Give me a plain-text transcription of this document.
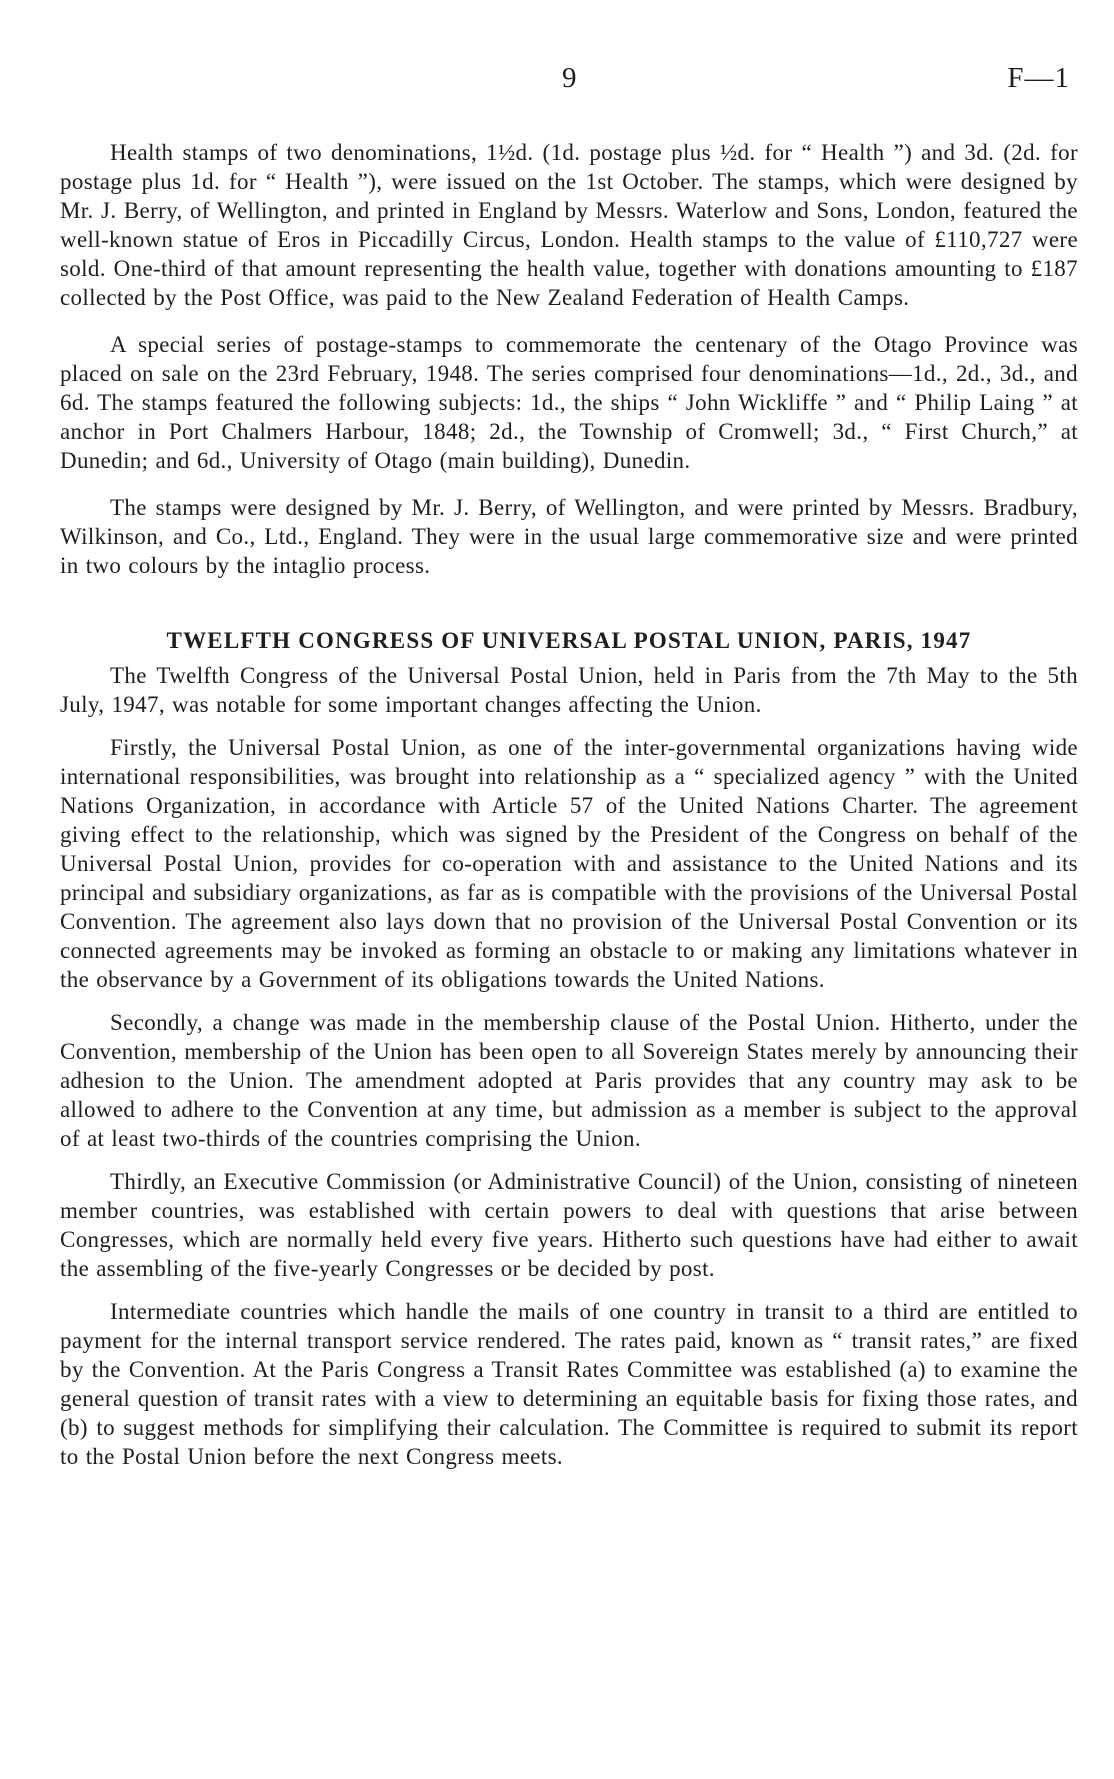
9	F—1

Health stamps of two denominations, 1½d. (1d. postage plus ½d. for “ Health ”) and 3d. (2d. for postage plus 1d. for “ Health ”), were issued on the 1st October. The stamps, which were designed by Mr. J. Berry, of Wellington, and printed in England by Messrs. Waterlow and Sons, London, featured the well-known statue of Eros in Piccadilly Circus, London. Health stamps to the value of £110,727 were sold. One-third of that amount representing the health value, together with donations amounting to £187 collected by the Post Office, was paid to the New Zealand Federation of Health Camps.

A special series of postage-stamps to commemorate the centenary of the Otago Province was placed on sale on the 23rd February, 1948. The series comprised four denominations—1d., 2d., 3d., and 6d. The stamps featured the following subjects: 1d., the ships “ John Wickliffe ” and “ Philip Laing ” at anchor in Port Chalmers Harbour, 1848; 2d., the Township of Cromwell; 3d., “ First Church,” at Dunedin; and 6d., University of Otago (main building), Dunedin.

The stamps were designed by Mr. J. Berry, of Wellington, and were printed by Messrs. Bradbury, Wilkinson, and Co., Ltd., England. They were in the usual large commemorative size and were printed in two colours by the intaglio process.

TWELFTH CONGRESS OF UNIVERSAL POSTAL UNION, PARIS, 1947

The Twelfth Congress of the Universal Postal Union, held in Paris from the 7th May to the 5th July, 1947, was notable for some important changes affecting the Union.

Firstly, the Universal Postal Union, as one of the inter-governmental organizations having wide international responsibilities, was brought into relationship as a “ specialized agency ” with the United Nations Organization, in accordance with Article 57 of the United Nations Charter. The agreement giving effect to the relationship, which was signed by the President of the Congress on behalf of the Universal Postal Union, provides for co-operation with and assistance to the United Nations and its principal and subsidiary organizations, as far as is compatible with the provisions of the Universal Postal Convention. The agreement also lays down that no provision of the Universal Postal Convention or its connected agreements may be invoked as forming an obstacle to or making any limitations whatever in the observance by a Government of its obligations towards the United Nations.

Secondly, a change was made in the membership clause of the Postal Union. Hitherto, under the Convention, membership of the Union has been open to all Sovereign States merely by announcing their adhesion to the Union. The amendment adopted at Paris provides that any country may ask to be allowed to adhere to the Convention at any time, but admission as a member is subject to the approval of at least two-thirds of the countries comprising the Union.

Thirdly, an Executive Commission (or Administrative Council) of the Union, consisting of nineteen member countries, was established with certain powers to deal with questions that arise between Congresses, which are normally held every five years. Hitherto such questions have had either to await the assembling of the five-yearly Congresses or be decided by post.

Intermediate countries which handle the mails of one country in transit to a third are entitled to payment for the internal transport service rendered. The rates paid, known as “ transit rates,” are fixed by the Convention. At the Paris Congress a Transit Rates Committee was established (a) to examine the general question of transit rates with a view to determining an equitable basis for fixing those rates, and (b) to suggest methods for simplifying their calculation. The Committee is required to submit its report to the Postal Union before the next Congress meets.
